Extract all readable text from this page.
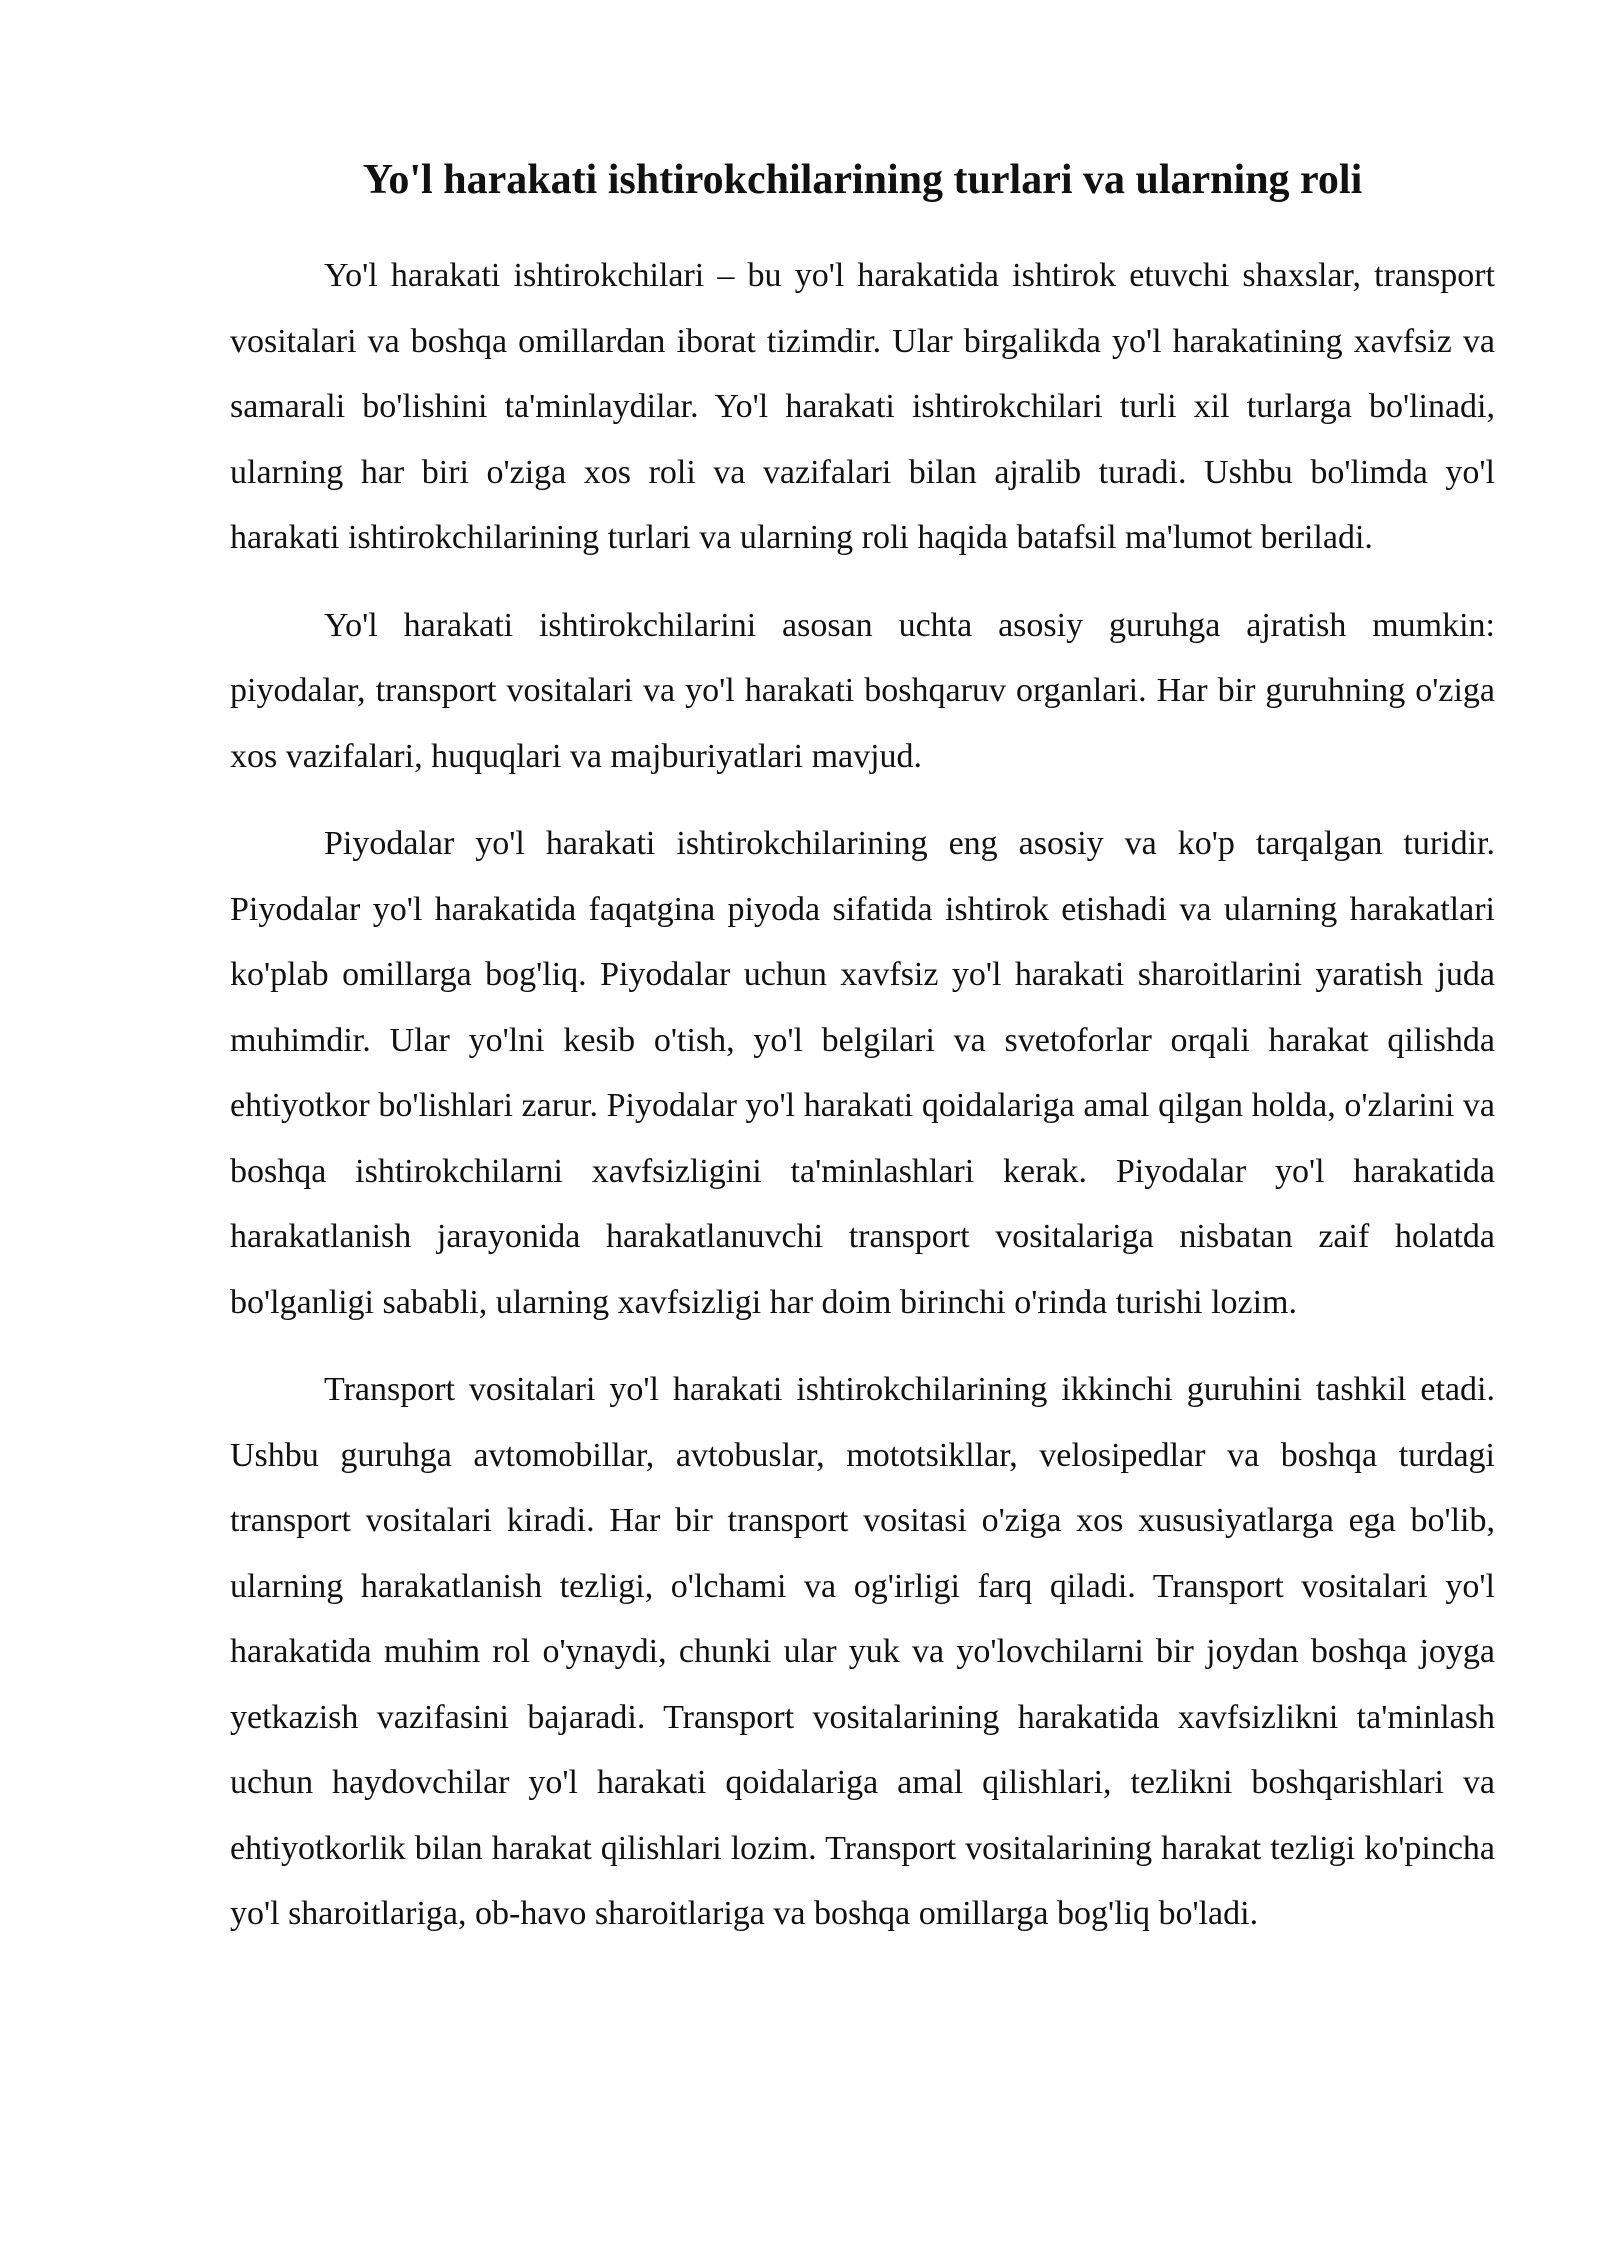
Yo'l harakati ishtirokchilarining turlari va ularning roli

Yo'l harakati ishtirokchilari – bu yo'l harakatida ishtirok etuvchi shaxslar, transport vositalari va boshqa omillardan iborat tizimdir. Ular birgalikda yo'l harakatining xavfsiz va samarali bo'lishini ta'minlaydilar. Yo'l harakati ishtirokchilari turli xil turlarga bo'linadi, ularning har biri o'ziga xos roli va vazifalari bilan ajralib turadi. Ushbu bo'limda yo'l harakati ishtirokchilarining turlari va ularning roli haqida batafsil ma'lumot beriladi.

Yo'l harakati ishtirokchilarini asosan uchta asosiy guruhga ajratish mumkin: piyodalar, transport vositalari va yo'l harakati boshqaruv organlari. Har bir guruhning o'ziga xos vazifalari, huquqlari va majburiyatlari mavjud.

Piyodalar yo'l harakati ishtirokchilarining eng asosiy va ko'p tarqalgan turidir. Piyodalar yo'l harakatida faqatgina piyoda sifatida ishtirok etishadi va ularning harakatlari ko'plab omillarga bog'liq. Piyodalar uchun xavfsiz yo'l harakati sharoitlarini yaratish juda muhimdir. Ular yo'lni kesib o'tish, yo'l belgilari va svetoforlar orqali harakat qilishda ehtiyotkor bo'lishlari zarur. Piyodalar yo'l harakati qoidalariga amal qilgan holda, o'zlarini va boshqa ishtirokchilarni xavfsizligini ta'minlashlari kerak. Piyodalar yo'l harakatida harakatlanish jarayonida harakatlanuvchi transport vositalariga nisbatan zaif holatda bo'lganligi sababli, ularning xavfsizligi har doim birinchi o'rinda turishi lozim.

Transport vositalari yo'l harakati ishtirokchilarining ikkinchi guruhini tashkil etadi. Ushbu guruhga avtomobillar, avtobuslar, mototsikllar, velosipedlar va boshqa turdagi transport vositalari kiradi. Har bir transport vositasi o'ziga xos xususiyatlarga ega bo'lib, ularning harakatlanish tezligi, o'lchami va og'irligi farq qiladi. Transport vositalari yo'l harakatida muhim rol o'ynaydi, chunki ular yuk va yo'lovchilarni bir joydan boshqa joyga yetkazish vazifasini bajaradi. Transport vositalarining harakatida xavfsizlikni ta'minlash uchun haydovchilar yo'l harakati qoidalariga amal qilishlari, tezlikni boshqarishlari va ehtiyotkorlik bilan harakat qilishlari lozim. Transport vositalarining harakat tezligi ko'pincha yo'l sharoitlariga, ob-havo sharoitlariga va boshqa omillarga bog'liq bo'ladi.
